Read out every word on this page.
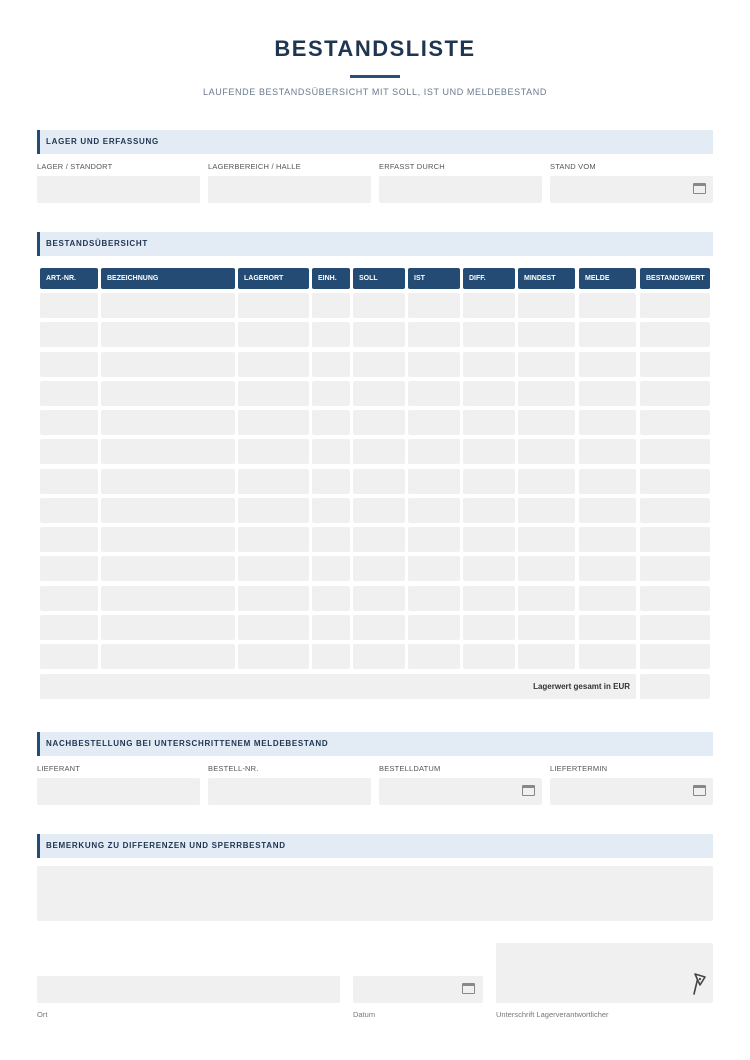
BESTANDSLISTE
LAUFENDE BESTANDSÜBERSICHT MIT SOLL, IST UND MELDEBESTAND
LAGER UND ERFASSUNG
LAGER / STANDORT	LAGERBEREICH / HALLE	ERFASST DURCH	STAND VOM
BESTANDSÜBERSICHT
ART.-NR.	BEZEICHNUNG	LAGERORT	EINH.	SOLL	IST	DIFF.	MINDEST	MELDE	BESTANDSWERT
Lagerwert gesamt in EUR
NACHBESTELLUNG BEI UNTERSCHRITTENEM MELDEBESTAND
LIEFERANT	BESTELL-NR.	BESTELLDATUM	LIEFERTERMIN
BEMERKUNG ZU DIFFERENZEN UND SPERRBESTAND
Ort	Datum	Unterschrift Lagerverantwortlicher
